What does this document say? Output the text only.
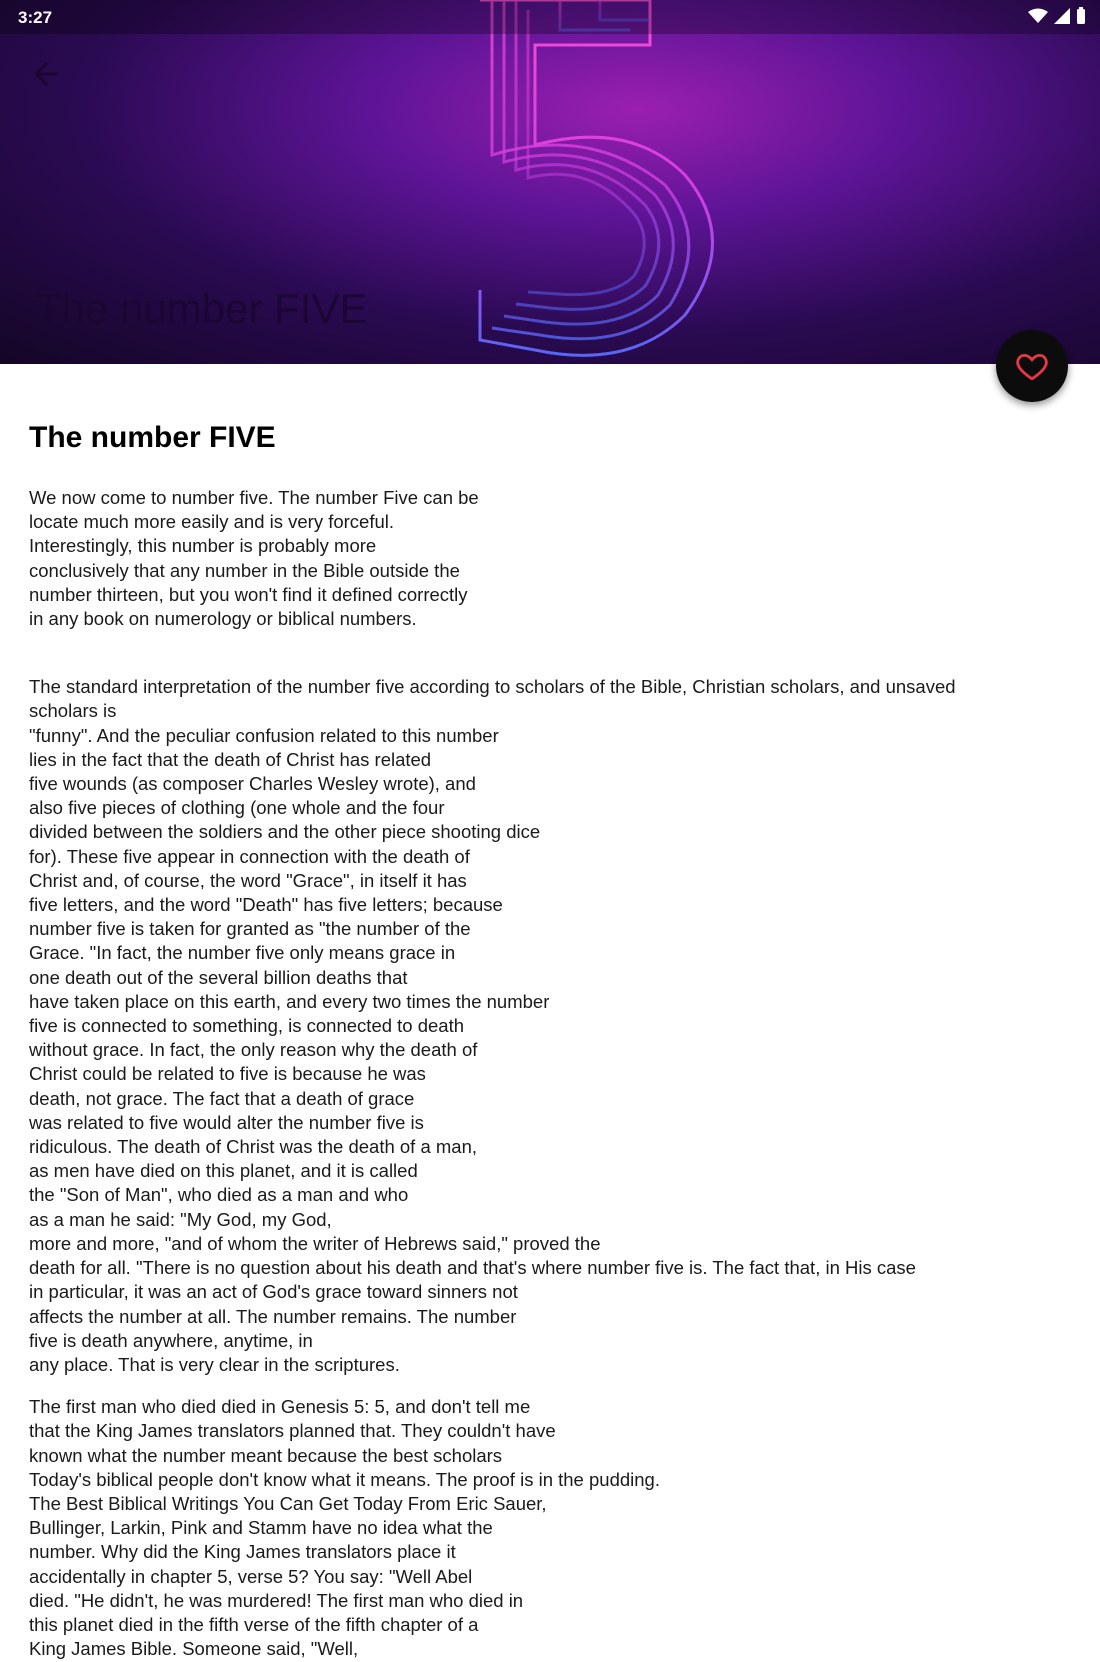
3:27
The number FIVE
The number FIVE
We now come to number five. The number Five can be
locate much more easily and is very forceful.
Interestingly, this number is probably more
conclusively that any number in the Bible outside the
number thirteen, but you won't find it defined correctly
in any book on numerology or biblical numbers.
The standard interpretation of the number five according to scholars of the Bible, Christian scholars, and unsaved
scholars is
"funny". And the peculiar confusion related to this number
lies in the fact that the death of Christ has related
five wounds (as composer Charles Wesley wrote), and
also five pieces of clothing (one whole and the four
divided between the soldiers and the other piece shooting dice
for). These five appear in connection with the death of
Christ and, of course, the word "Grace", in itself it has
five letters, and the word "Death" has five letters; because
number five is taken for granted as "the number of the
Grace. "In fact, the number five only means grace in
one death out of the several billion deaths that
have taken place on this earth, and every two times the number
five is connected to something, is connected to death
without grace. In fact, the only reason why the death of
Christ could be related to five is because he was
death, not grace. The fact that a death of grace
was related to five would alter the number five is
ridiculous. The death of Christ was the death of a man,
as men have died on this planet, and it is called
the "Son of Man", who died as a man and who
as a man he said: "My God, my God,
more and more, "and of whom the writer of Hebrews said," proved the
death for all. "There is no question about his death and that's where number five is. The fact that, in His case
in particular, it was an act of God's grace toward sinners not
affects the number at all. The number remains. The number
five is death anywhere, anytime, in
any place. That is very clear in the scriptures.
The first man who died died in Genesis 5: 5, and don't tell me
that the King James translators planned that. They couldn't have
known what the number meant because the best scholars
Today's biblical people don't know what it means. The proof is in the pudding.
The Best Biblical Writings You Can Get Today From Eric Sauer,
Bullinger, Larkin, Pink and Stamm have no idea what the
number. Why did the King James translators place it
accidentally in chapter 5, verse 5? You say: "Well Abel
died. "He didn't, he was murdered! The first man who died in
this planet died in the fifth verse of the fifth chapter of a
King James Bible. Someone said, "Well,
